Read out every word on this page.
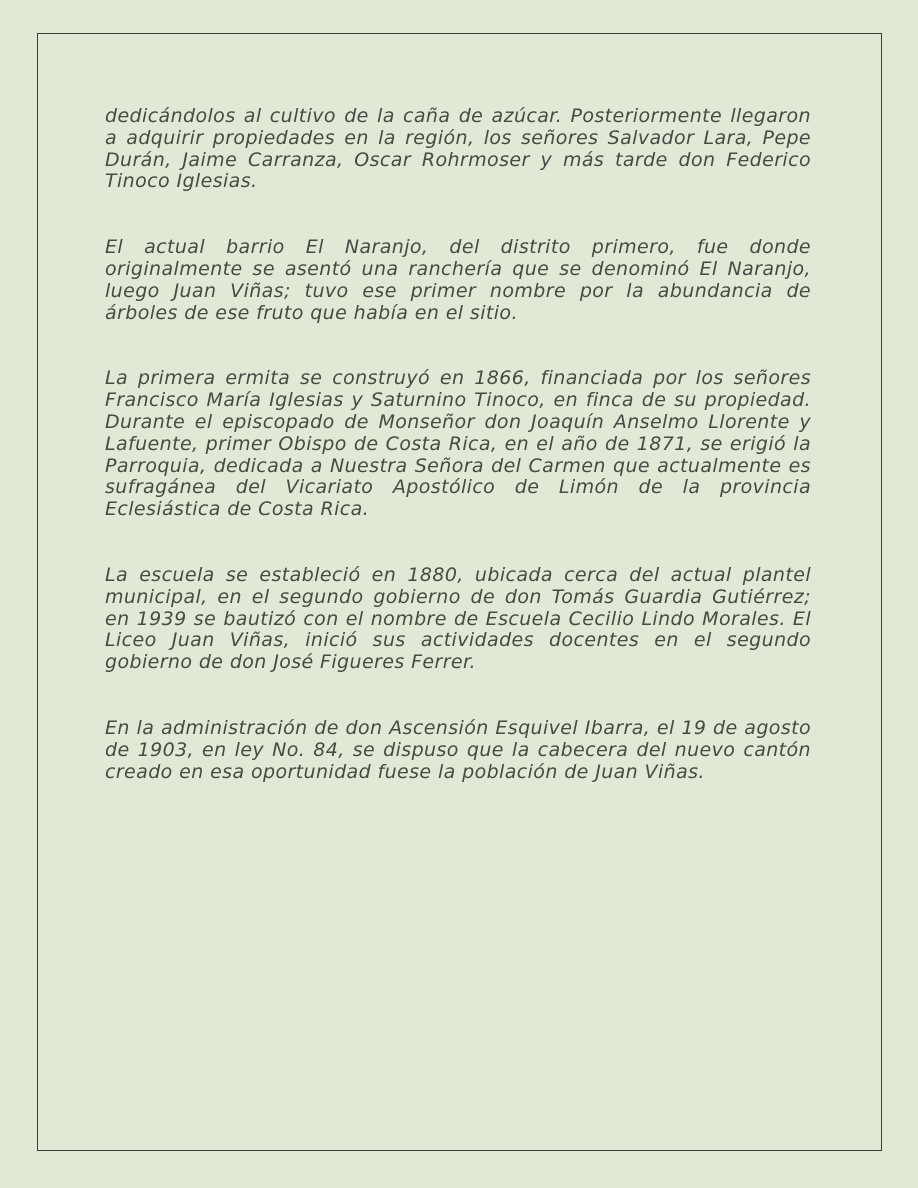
dedicándolos al cultivo de la caña de azúcar. Posteriormente llegaron a adquirir propiedades en la región, los señores Salvador Lara, Pepe Durán, Jaime Carranza, Oscar Rohrmoser y más tarde don Federico Tinoco Iglesias.

El actual barrio El Naranjo, del distrito primero, fue donde originalmente se asentó una ranchería que se denominó El Naranjo, luego Juan Viñas; tuvo ese primer nombre por la abundancia de árboles de ese fruto que había en el sitio.

La primera ermita se construyó en 1866, financiada por los señores Francisco María Iglesias y Saturnino Tinoco, en finca de su propiedad. Durante el episcopado de Monseñor don Joaquín Anselmo Llorente y Lafuente, primer Obispo de Costa Rica, en el año de 1871, se erigió la Parroquia, dedicada a Nuestra Señora del Carmen que actualmente es sufragánea del Vicariato Apostólico de Limón de la provincia Eclesiástica de Costa Rica.

La escuela se estableció en 1880, ubicada cerca del actual plantel municipal, en el segundo gobierno de don Tomás Guardia Gutiérrez; en 1939 se bautizó con el nombre de Escuela Cecilio Lindo Morales. El Liceo Juan Viñas, inició sus actividades docentes en el segundo gobierno de don José Figueres Ferrer.

En la administración de don Ascensión Esquivel Ibarra, el 19 de agosto de 1903, en ley No. 84, se dispuso que la cabecera del nuevo cantón creado en esa oportunidad fuese la población de Juan Viñas.
